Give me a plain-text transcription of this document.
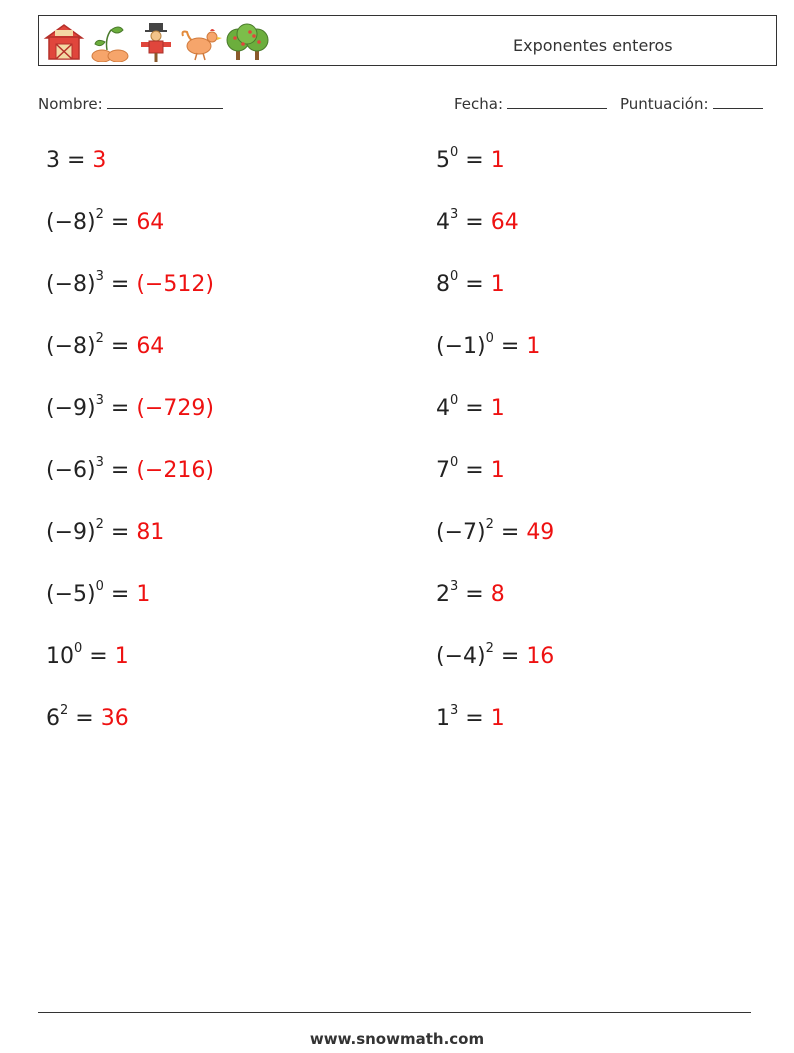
Exponentes enteros
Nombre:	Fecha:	Puntuación:
3 = 3	$5^0 = 1$
$(-8)^2 = 64$	$4^3 = 64$
$(-8)^3 = (-512)$	$8^0 = 1$
$(-8)^2 = 64$	$(-1)^0 = 1$
$(-9)^3 = (-729)$	$4^0 = 1$
$(-6)^3 = (-216)$	$7^0 = 1$
$(-9)^2 = 81$	$(-7)^2 = 49$
$(-5)^0 = 1$	$2^3 = 8$
$10^0 = 1$	$(-4)^2 = 16$
$6^2 = 36$	$1^3 = 1$
www.snowmath.com
